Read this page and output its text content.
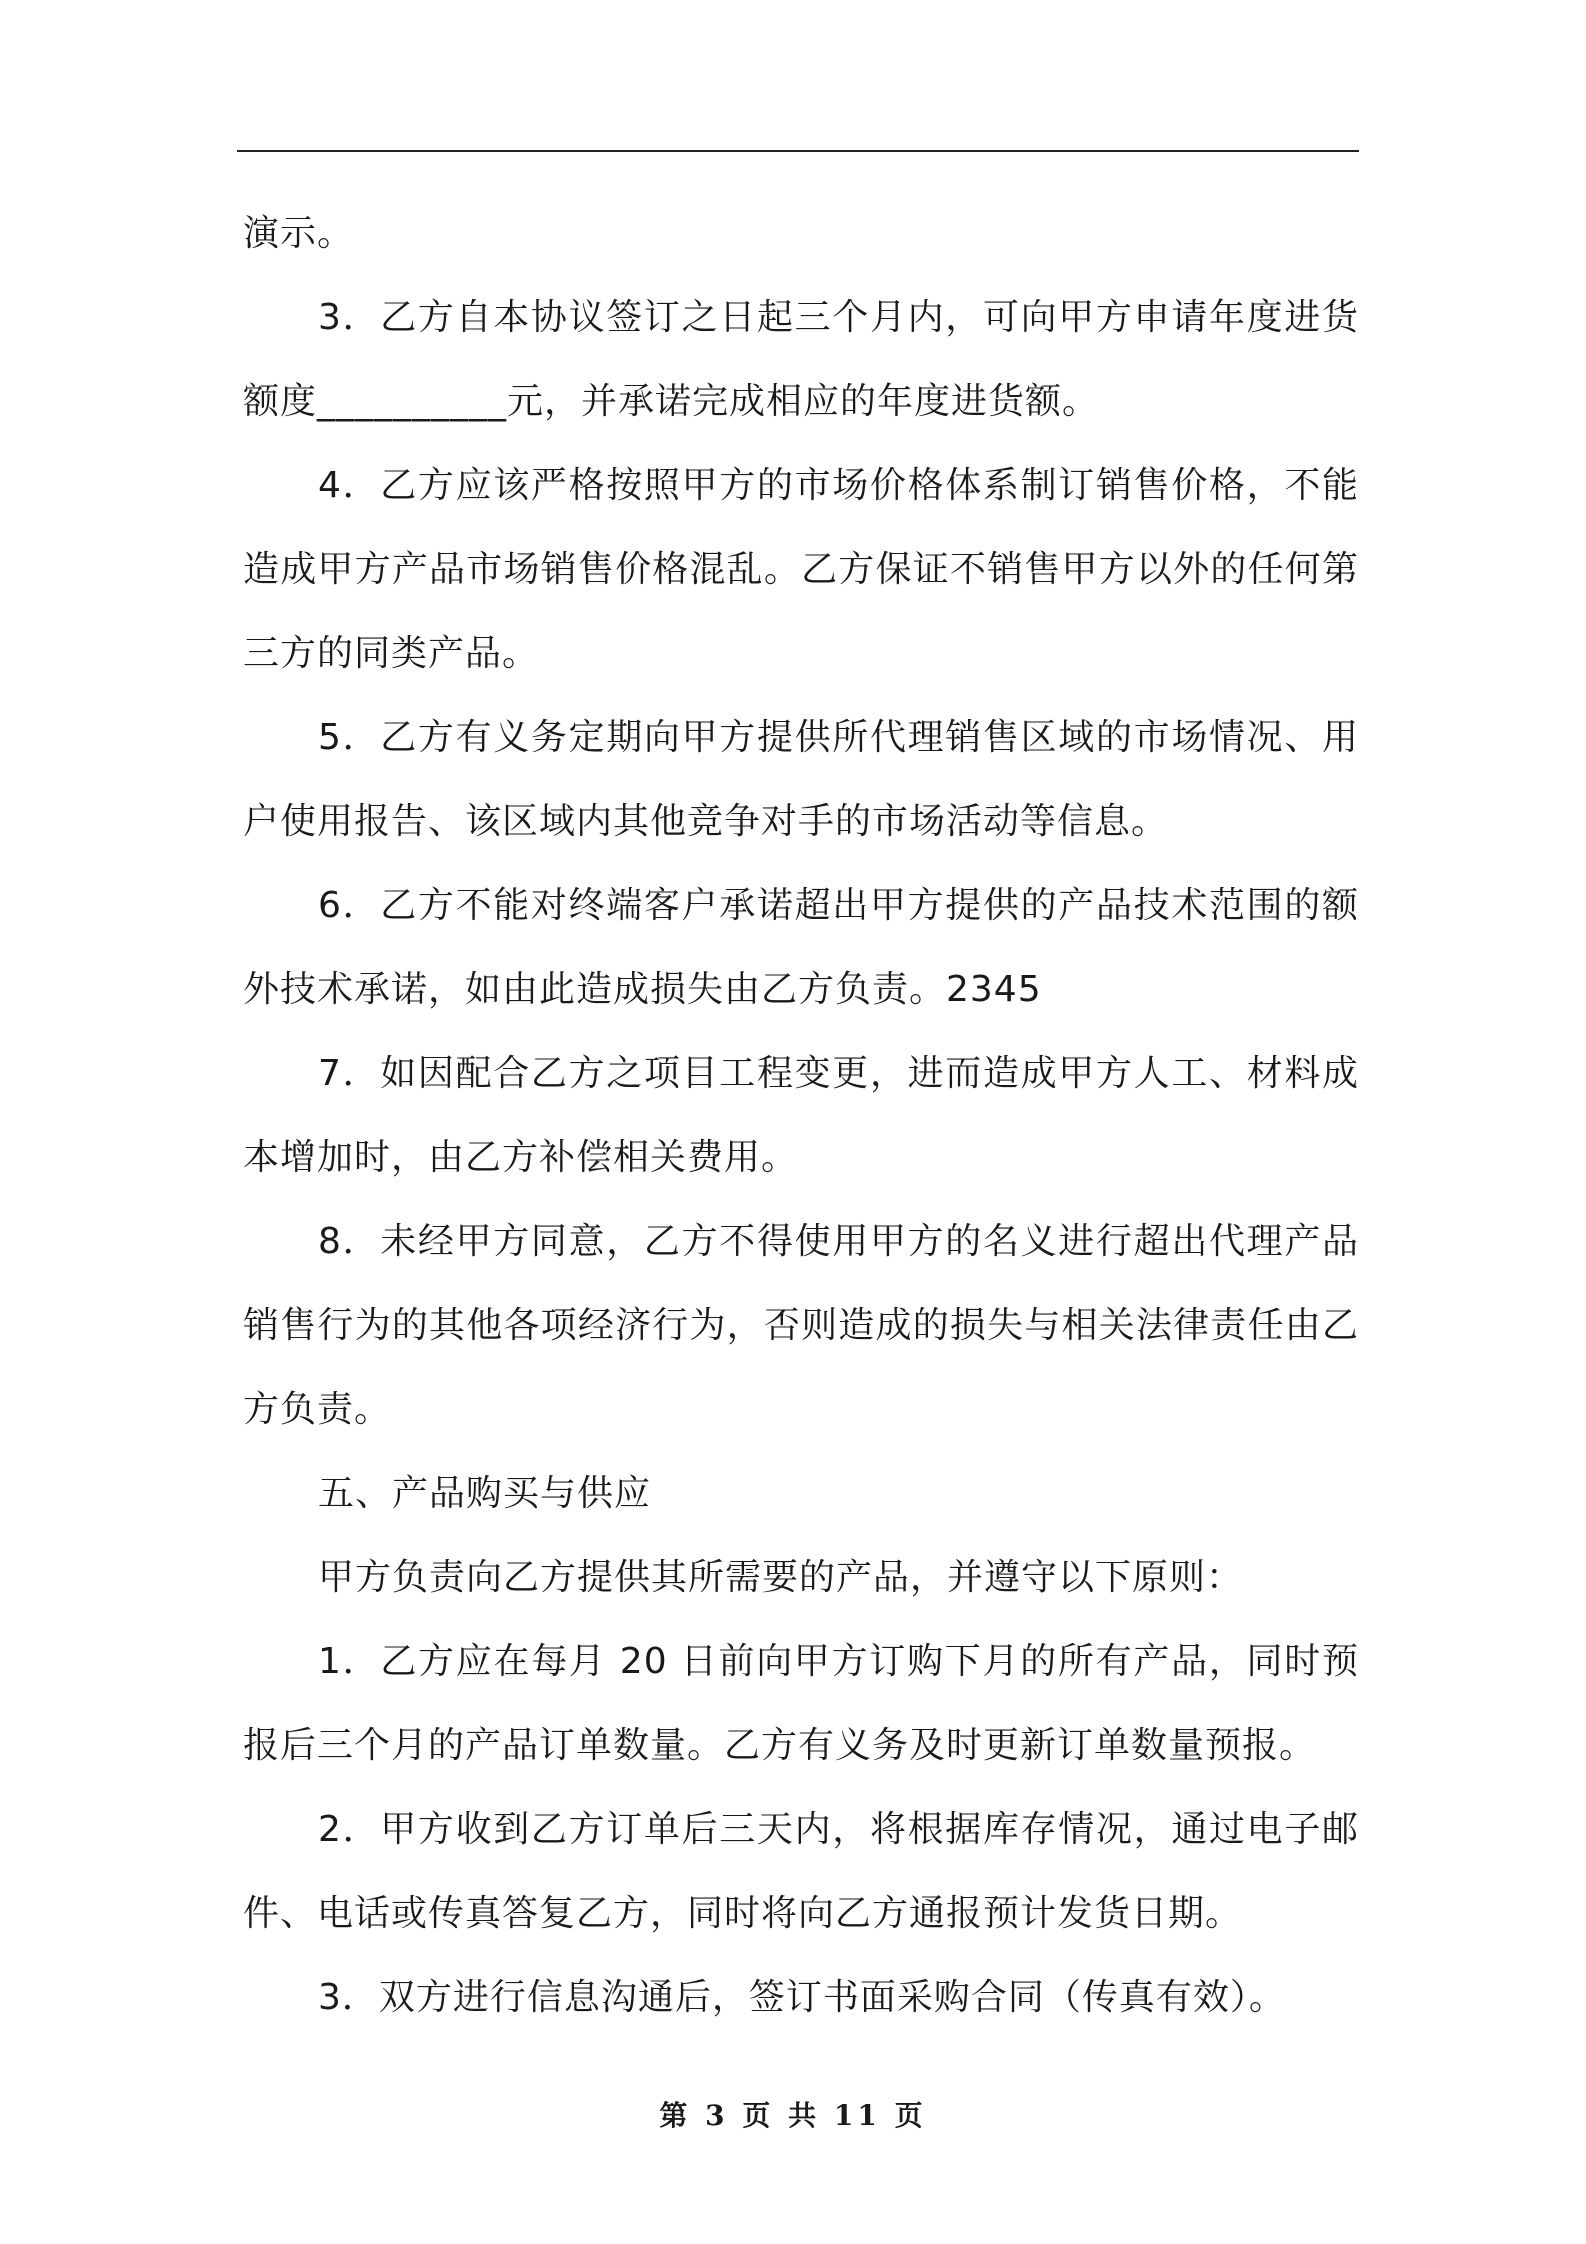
演示。

3．乙方自本协议签订之日起三个月内，可向甲方申请年度进货额度__________元，并承诺完成相应的年度进货额。

4．乙方应该严格按照甲方的市场价格体系制订销售价格，不能造成甲方产品市场销售价格混乱。乙方保证不销售甲方以外的任何第三方的同类产品。

5．乙方有义务定期向甲方提供所代理销售区域的市场情况、用户使用报告、该区域内其他竞争对手的市场活动等信息。

6．乙方不能对终端客户承诺超出甲方提供的产品技术范围的额外技术承诺，如由此造成损失由乙方负责。2345

7．如因配合乙方之项目工程变更，进而造成甲方人工、材料成本增加时，由乙方补偿相关费用。

8．未经甲方同意，乙方不得使用甲方的名义进行超出代理产品销售行为的其他各项经济行为，否则造成的损失与相关法律责任由乙方负责。

五、产品购买与供应

甲方负责向乙方提供其所需要的产品，并遵守以下原则：

1．乙方应在每月 20 日前向甲方订购下月的所有产品，同时预报后三个月的产品订单数量。乙方有义务及时更新订单数量预报。

2．甲方收到乙方订单后三天内，将根据库存情况，通过电子邮件、电话或传真答复乙方，同时将向乙方通报预计发货日期。

3．双方进行信息沟通后，签订书面采购合同（传真有效）。

第 3 页 共 11 页
